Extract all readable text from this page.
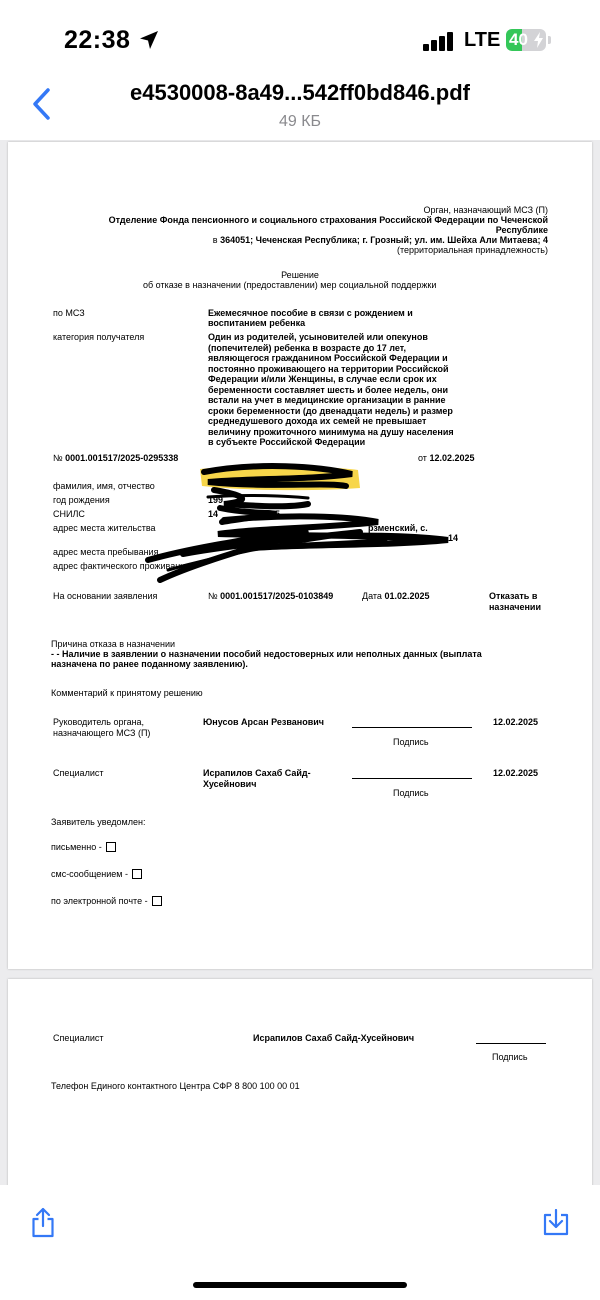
22:38	LTE 40
e4530008-8a49...542ff0bd846.pdf
49 КБ
Орган, назначающий МСЗ (П)
Отделение Фонда пенсионного и социального страхования Российской Федерации по Чеченской
Республике
в 364051; Чеченская Республика; г. Грозный; ул. им. Шейха Али Митаева; 4
(территориальная принадлежность)
Решение
об отказе в назначении (предоставлении) мер социальной поддержки
по МСЗ	Ежемесячное пособие в связи с рождением и
воспитанием ребенка
категория получателя	Один из родителей, усыновителей или опекунов
(попечителей) ребенка в возрасте до 17 лет,
являющегося гражданином Российской Федерации и
постоянно проживающего на территории Российской
Федерации и/или Женщины, в случае если срок их
беременности составляет шесть и более недель, они
встали на учет в медицинские организации в ранние
сроки беременности (до двенадцати недель) и размер
среднедушевого дохода их семей не превышает
величину прожиточного минимума на душу населения
в субъекте Российской Федерации
№ 0001.001517/2025-0295338	от 12.02.2025
фамилия, имя, отчество
год рождения	199
СНИЛС	14	5
адрес места жительства	рзменский, с.
14
адрес места пребывания
адрес фактического проживания
На основании заявления	№ 0001.001517/2025-0103849	Дата 01.02.2025	Отказать в
назначении
Причина отказа в назначении
- - Наличие в заявлении о назначении пособий недостоверных или неполных данных (выплата
назначена по ранее поданному заявлению).
Комментарий к принятому решению
Руководитель органа,
назначающего МСЗ (П)
Юнусов Арсан Резванович	12.02.2025
Подпись
Специалист	Исрапилов Сахаб Сайд-
Хусейнович
12.02.2025
Подпись
Заявитель уведомлен:
письменно -
смс-сообщением -
по электронной почте -
Специалист	Исрапилов Сахаб Сайд-Хусейнович
Подпись
Телефон Единого контактного Центра СФР 8 800 100 00 01
